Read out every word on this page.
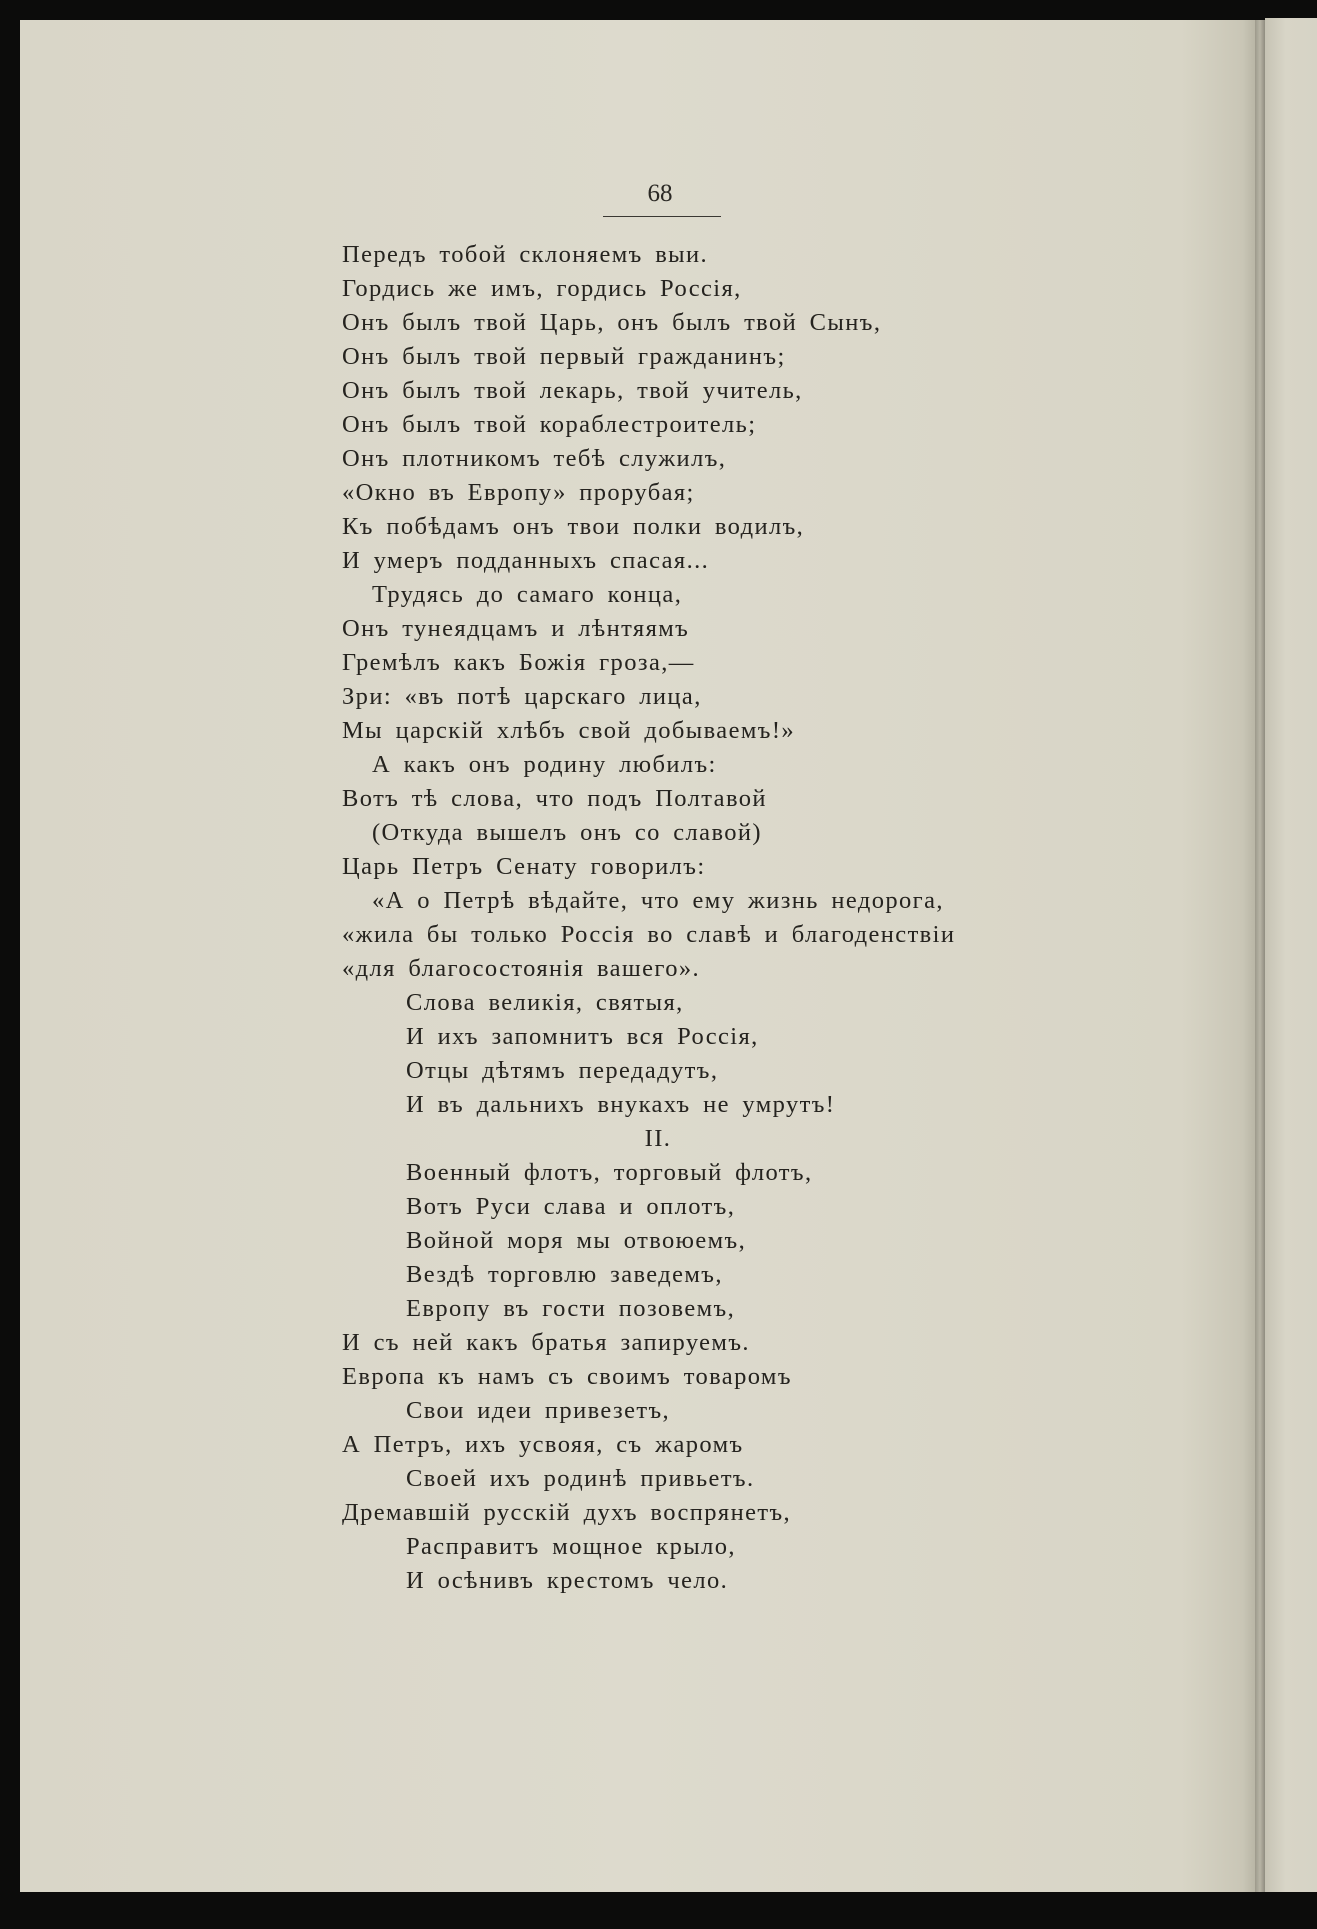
68
Передъ тобой склоняемъ выи.
Гордись же имъ, гордись Россія,
Онъ былъ твой Царь, онъ былъ твой Сынъ,
Онъ былъ твой первый гражданинъ;
Онъ былъ твой лекарь, твой учитель,
Онъ былъ твой кораблестроитель;
Онъ плотникомъ тебѣ служилъ,
«Окно въ Европу» прорубая;
Къ побѣдамъ онъ твои полки водилъ,
И умеръ подданныхъ спасая...
Трудясь до самаго конца,
Онъ тунеядцамъ и лѣнтяямъ
Гремѣлъ какъ Божія гроза,—
Зри: «въ потѣ царскаго лица,
Мы царскій хлѣбъ свой добываемъ!»
А какъ онъ родину любилъ:
Вотъ тѣ слова, что подъ Полтавой
(Откуда вышелъ онъ со славой)
Царь Петръ Сенату говорилъ:
«А о Петрѣ вѣдайте, что ему жизнь недорога,
«жила бы только Россія во славѣ и благоденствіи
«для благосостоянія вашего».
Слова великія, святыя,
И ихъ запомнитъ вся Россія,
Отцы дѣтямъ передадутъ,
И въ дальнихъ внукахъ не умрутъ!
II.
Военный флотъ, торговый флотъ,
Вотъ Руси слава и оплотъ,
Войной моря мы отвоюемъ,
Вездѣ торговлю заведемъ,
Европу въ гости позовемъ,
И съ ней какъ братья запируемъ.
Европа къ намъ съ своимъ товаромъ
Свои идеи привезетъ,
А Петръ, ихъ усвояя, съ жаромъ
Своей ихъ родинѣ привьетъ.
Дремавшій русскій духъ воспрянетъ,
Расправитъ мощное крыло,
И осѣнивъ крестомъ чело.
